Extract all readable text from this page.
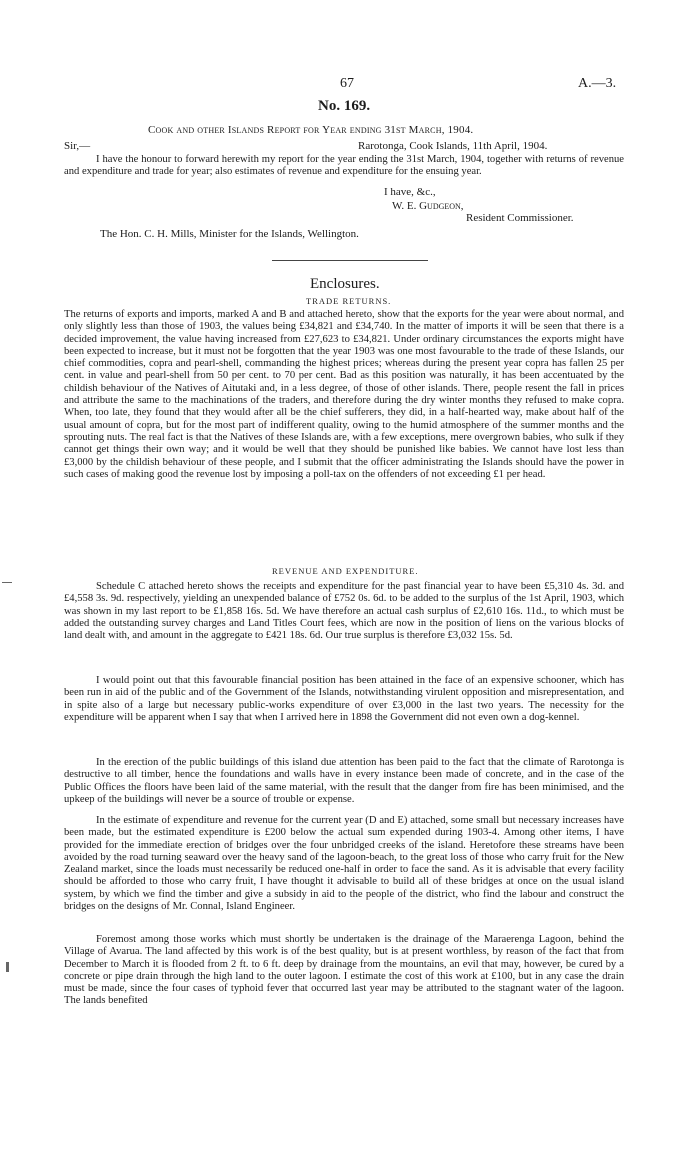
67	A.—3.
No. 169.
Cook and other Islands Report for Year ending 31st March, 1904.
Sir,—	Rarotonga, Cook Islands, 11th April, 1904.
I have the honour to forward herewith my report for the year ending the 31st March, 1904, together with returns of revenue and expenditure and trade for year; also estimates of revenue and expenditure for the ensuing year.
I have, &c.,
W. E. Gudgeon,
Resident Commissioner.
The Hon. C. H. Mills, Minister for the Islands, Wellington.
Enclosures.
TRADE RETURNS.
The returns of exports and imports, marked A and B and attached hereto, show that the exports for the year were about normal, and only slightly less than those of 1903, the values being £34,821 and £34,740. In the matter of imports it will be seen that there is a decided improvement, the value having increased from £27,623 to £34,821. Under ordinary circumstances the exports might have been expected to increase, but it must not be forgotten that the year 1903 was one most favourable to the trade of these Islands, our chief commodities, copra and pearl-shell, commanding the highest prices; whereas during the present year copra has fallen 25 per cent. in value and pearl-shell from 50 per cent. to 70 per cent. Bad as this position was naturally, it has been accentuated by the childish behaviour of the Natives of Aitutaki and, in a less degree, of those of other islands. There, people resent the fall in prices and attribute the same to the machinations of the traders, and therefore during the dry winter months they refused to make copra. When, too late, they found that they would after all be the chief sufferers, they did, in a half-hearted way, make about half of the usual amount of copra, but for the most part of indifferent quality, owing to the humid atmosphere of the summer months and the sprouting nuts. The real fact is that the Natives of these Islands are, with a few exceptions, mere overgrown babies, who sulk if they cannot get things their own way; and it would be well that they should be punished like babies. We cannot have lost less than £3,000 by the childish behaviour of these people, and I submit that the officer administrating the Islands should have the power in such cases of making good the revenue lost by imposing a poll-tax on the offenders of not exceeding £1 per head.
REVENUE AND EXPENDITURE.
Schedule C attached hereto shows the receipts and expenditure for the past financial year to have been £5,310 4s. 3d. and £4,558 3s. 9d. respectively, yielding an unexpended balance of £752 0s. 6d. to be added to the surplus of the 1st April, 1903, which was shown in my last report to be £1,858 16s. 5d. We have therefore an actual cash surplus of £2,610 16s. 11d., to which must be added the outstanding survey charges and Land Titles Court fees, which are now in the position of liens on the various blocks of land dealt with, and amount in the aggregate to £421 18s. 6d. Our true surplus is therefore £3,032 15s. 5d.
I would point out that this favourable financial position has been attained in the face of an expensive schooner, which has been run in aid of the public and of the Government of the Islands, notwithstanding virulent opposition and misrepresentation, and in spite also of a large but necessary public-works expenditure of over £3,000 in the last two years. The necessity for the expenditure will be apparent when I say that when I arrived here in 1898 the Government did not even own a dog-kennel.
In the erection of the public buildings of this island due attention has been paid to the fact that the climate of Rarotonga is destructive to all timber, hence the foundations and walls have in every instance been made of concrete, and in the case of the Public Offices the floors have been laid of the same material, with the result that the danger from fire has been minimised, and the upkeep of the buildings will never be a source of trouble or expense.
In the estimate of expenditure and revenue for the current year (D and E) attached, some small but necessary increases have been made, but the estimated expenditure is £200 below the actual sum expended during 1903-4. Among other items, I have provided for the immediate erection of bridges over the four unbridged creeks of the island. Heretofore these streams have been avoided by the road turning seaward over the heavy sand of the lagoon-beach, to the great loss of those who carry fruit for the New Zealand market, since the loads must necessarily be reduced one-half in order to face the sand. As it is advisable that every facility should be afforded to those who carry fruit, I have thought it advisable to build all of these bridges at once on the usual island system, by which we find the timber and give a subsidy in aid to the people of the district, who find the labour and construct the bridges on the designs of Mr. Connal, Island Engineer.
Foremost among those works which must shortly be undertaken is the drainage of the Maraerenga Lagoon, behind the Village of Avarua. The land affected by this work is of the best quality, but is at present worthless, by reason of the fact that from December to March it is flooded from 2 ft. to 6 ft. deep by drainage from the mountains, an evil that may, however, be cured by a concrete or pipe drain through the high land to the outer lagoon. I estimate the cost of this work at £100, but in any case the drain must be made, since the four cases of typhoid fever that occurred last year may be attributed to the stagnant water of the lagoon. The lands benefited
